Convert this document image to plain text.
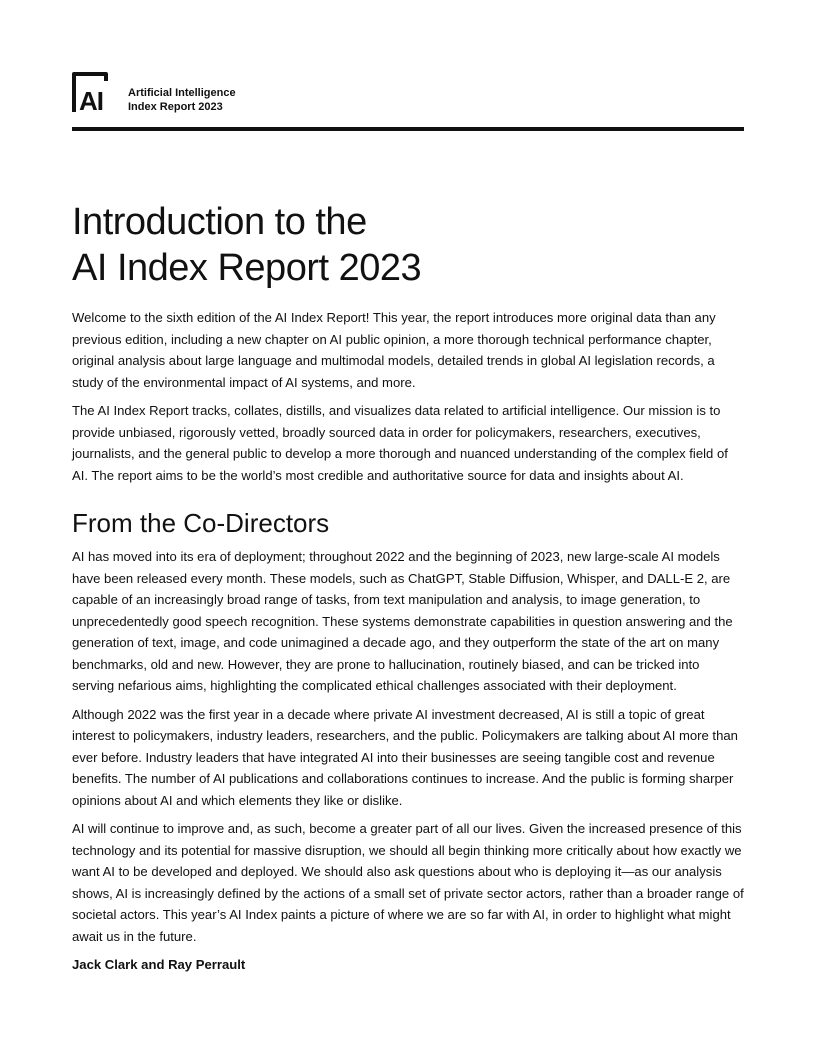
AI Artificial Intelligence
Index Report 2023
Introduction to the
AI Index Report 2023

Welcome to the sixth edition of the AI Index Report! This year, the report introduces more original data than any previous edition, including a new chapter on AI public opinion, a more thorough technical performance chapter, original analysis about large language and multimodal models, detailed trends in global AI legislation records, a study of the environmental impact of AI systems, and more.

The AI Index Report tracks, collates, distills, and visualizes data related to artificial intelligence. Our mission is to provide unbiased, rigorously vetted, broadly sourced data in order for policymakers, researchers, executives, journalists, and the general public to develop a more thorough and nuanced understanding of the complex field of AI. The report aims to be the world’s most credible and authoritative source for data and insights about AI.

From the Co-Directors

AI has moved into its era of deployment; throughout 2022 and the beginning of 2023, new large-scale AI models have been released every month. These models, such as ChatGPT, Stable Diffusion, Whisper, and DALL-E 2, are capable of an increasingly broad range of tasks, from text manipulation and analysis, to image generation, to unprecedentedly good speech recognition. These systems demonstrate capabilities in question answering and the generation of text, image, and code unimagined a decade ago, and they outperform the state of the art on many benchmarks, old and new. However, they are prone to hallucination, routinely biased, and can be tricked into serving nefarious aims, highlighting the complicated ethical challenges associated with their deployment.

Although 2022 was the first year in a decade where private AI investment decreased, AI is still a topic of great interest to policymakers, industry leaders, researchers, and the public. Policymakers are talking about AI more than ever before. Industry leaders that have integrated AI into their businesses are seeing tangible cost and revenue benefits. The number of AI publications and collaborations continues to increase. And the public is forming sharper opinions about AI and which elements they like or dislike.

AI will continue to improve and, as such, become a greater part of all our lives. Given the increased presence of this technology and its potential for massive disruption, we should all begin thinking more critically about how exactly we want AI to be developed and deployed. We should also ask questions about who is deploying it—as our analysis shows, AI is increasingly defined by the actions of a small set of private sector actors, rather than a broader range of societal actors. This year’s AI Index paints a picture of where we are so far with AI, in order to highlight what might await us in the future.

Jack Clark and Ray Perrault
